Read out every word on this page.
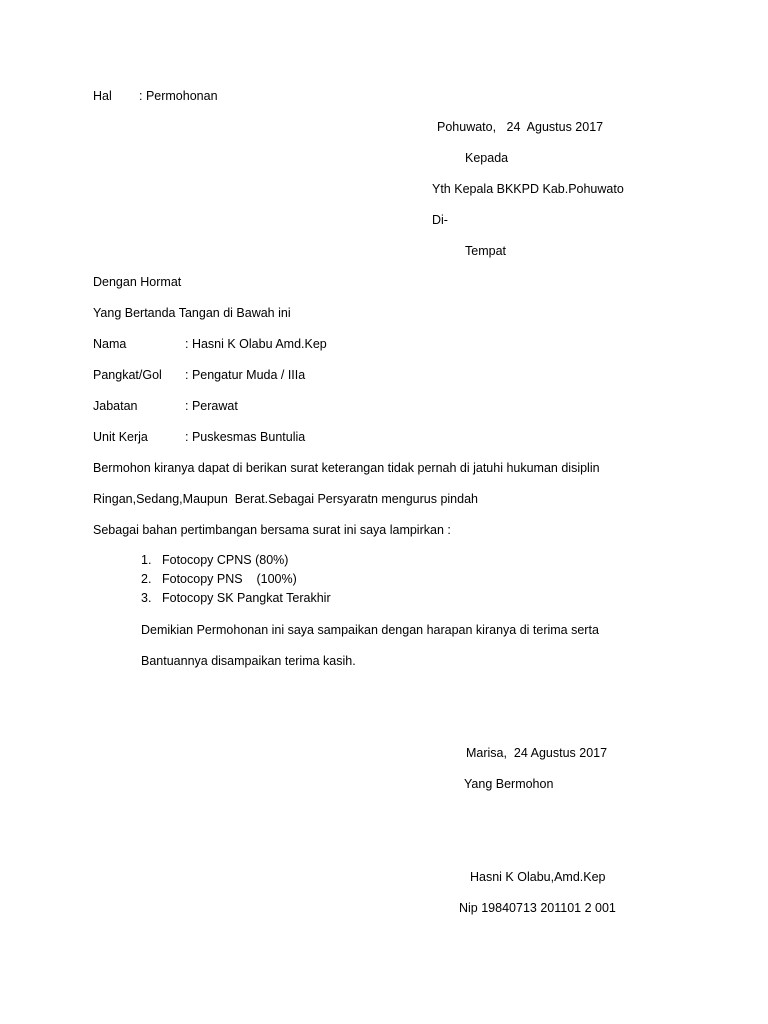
Hal : Permohonan
Pohuwato,   24  Agustus 2017
Kepada
Yth Kepala BKKPD Kab.Pohuwato
Di-
Tempat
Dengan Hormat
Yang Bertanda Tangan di Bawah ini
Nama	: Hasni K Olabu Amd.Kep
Pangkat/Gol : Pengatur Muda / IIIa
Jabatan	: Perawat
Unit Kerja	: Puskesmas Buntulia
Bermohon kiranya dapat di berikan surat keterangan tidak pernah di jatuhi hukuman disiplin
Ringan,Sedang,Maupun  Berat.Sebagai Persyaratn mengurus pindah
Sebagai bahan pertimbangan bersama surat ini saya lampirkan :
1. Fotocopy CPNS (80%)
2. Fotocopy PNS    (100%)
3. Fotocopy SK Pangkat Terakhir
Demikian Permohonan ini saya sampaikan dengan harapan kiranya di terima serta
Bantuannya disampaikan terima kasih.
Marisa,  24 Agustus 2017
Yang Bermohon
Hasni K Olabu,Amd.Kep
Nip 19840713 201101 2 001
